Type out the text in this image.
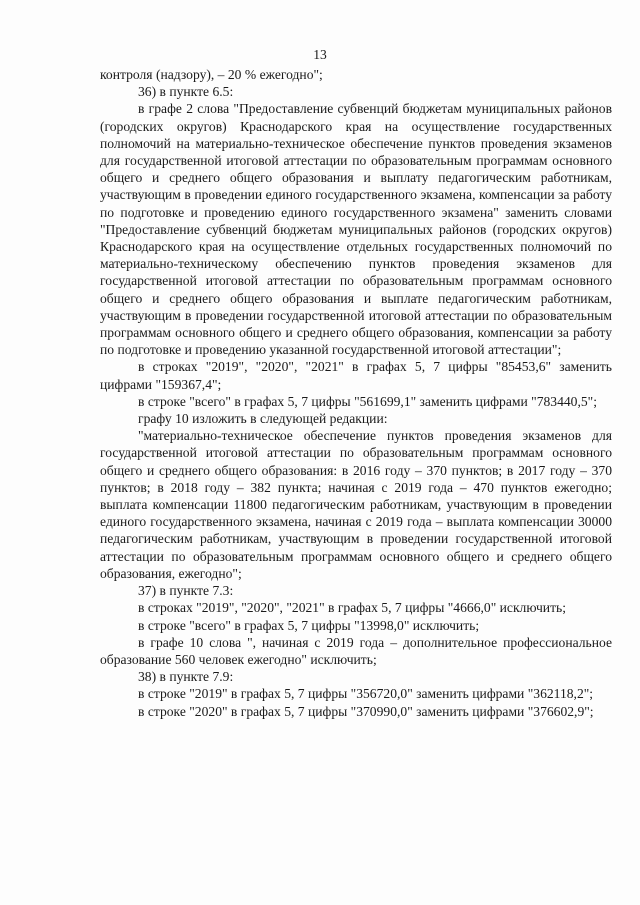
13

контроля (надзору), – 20 % ежегодно";

36) в пункте 6.5:

в графе 2 слова "Предоставление субвенций бюджетам муниципальных районов (городских округов) Краснодарского края на осуществление государственных полномочий на материально-техническое обеспечение пунктов проведения экзаменов для государственной итоговой аттестации по образовательным программам основного общего и среднего общего образования и выплату педагогическим работникам, участвующим в проведении единого государственного экзамена, компенсации за работу по подготовке и проведению единого государственного экзамена" заменить словами "Предоставление субвенций бюджетам муниципальных районов (городских округов) Краснодарского края на осуществление отдельных государственных полномочий по материально-техническому обеспечению пунктов проведения экзаменов для государственной итоговой аттестации по образовательным программам основного общего и среднего общего образования и выплате педагогическим работникам, участвующим в проведении государственной итоговой аттестации по образовательным программам основного общего и среднего общего образования, компенсации за работу по подготовке и проведению указанной государственной итоговой аттестации";

в строках "2019", "2020", "2021" в графах 5, 7 цифры "85453,6" заменить цифрами "159367,4";

в строке "всего" в графах 5, 7 цифры "561699,1" заменить цифрами "783440,5";

графу 10 изложить в следующей редакции:

"материально-техническое обеспечение пунктов проведения экзаменов для государственной итоговой аттестации по образовательным программам основного общего и среднего общего образования: в 2016 году – 370 пунктов; в 2017 году – 370 пунктов; в 2018 году – 382 пункта; начиная с 2019 года – 470 пунктов ежегодно; выплата компенсации 11800 педагогическим работникам, участвующим в проведении единого государственного экзамена, начиная с 2019 года – выплата компенсации 30000 педагогическим работникам, участвующим в проведении государственной итоговой аттестации по образовательным программам основного общего и среднего общего образования, ежегодно";

37) в пункте 7.3:

в строках "2019", "2020", "2021" в графах 5, 7 цифры "4666,0" исключить;

в строке "всего" в графах 5, 7 цифры "13998,0" исключить;

в графе 10 слова ", начиная с 2019 года – дополнительное профессиональное образование 560 человек ежегодно" исключить;

38) в пункте 7.9:

в строке "2019" в графах 5, 7 цифры "356720,0" заменить цифрами "362118,2";

в строке "2020" в графах 5, 7 цифры "370990,0" заменить цифрами "376602,9";
